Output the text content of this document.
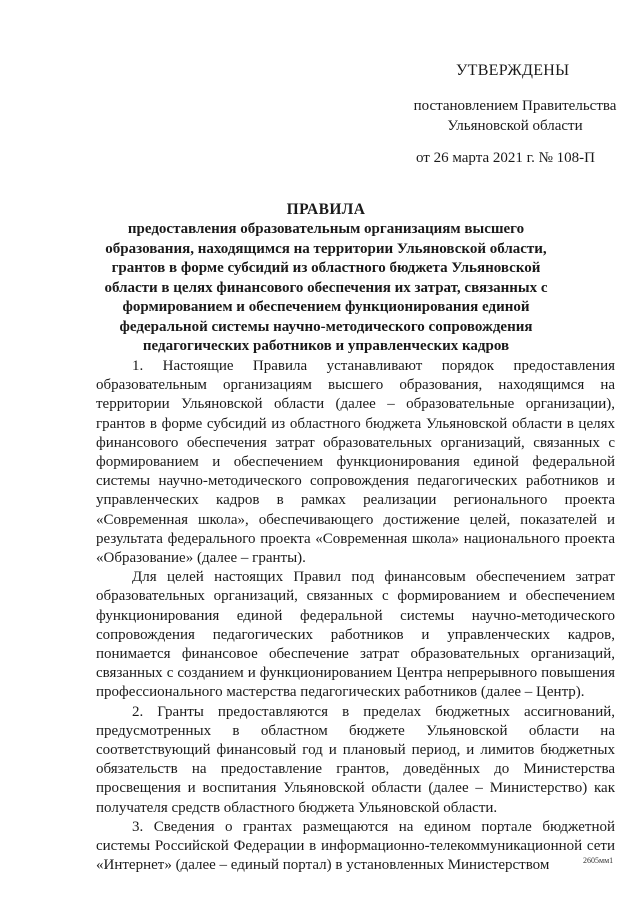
УТВЕРЖДЕНЫ
постановлением Правительства
Ульяновской области
от 26 марта 2021 г. № 108-П

ПРАВИЛА

предоставления образовательным организациям высшего образования, находящимся на территории Ульяновской области, грантов в форме субсидий из областного бюджета Ульяновской области в целях финансового обеспечения их затрат, связанных с формированием и обеспечением функционирования единой федеральной системы научно-методического сопровождения педагогических работников и управленческих кадров

1. Настоящие Правила устанавливают порядок предоставления образовательным организациям высшего образования, находящимся на территории Ульяновской области (далее – образовательные организации), грантов в форме субсидий из областного бюджета Ульяновской области в целях финансового обеспечения затрат образовательных организаций, связанных с формированием и обеспечением функционирования единой федеральной системы научно-методического сопровождения педагогических работников и управленческих кадров в рамках реализации регионального проекта «Современная школа», обеспечивающего достижение целей, показателей и результата федерального проекта «Современная школа» национального проекта «Образование» (далее – гранты).

Для целей настоящих Правил под финансовым обеспечением затрат образовательных организаций, связанных с формированием и обеспечением функционирования единой федеральной системы научно-методического сопровождения педагогических работников и управленческих кадров, понимается финансовое обеспечение затрат образовательных организаций, связанных с созданием и функционированием Центра непрерывного повышения профессионального мастерства педагогических работников (далее – Центр).

2. Гранты предоставляются в пределах бюджетных ассигнований, предусмотренных в областном бюджете Ульяновской области на соответствующий финансовый год и плановый период, и лимитов бюджетных обязательств на предоставление грантов, доведённых до Министерства просвещения и воспитания Ульяновской области (далее – Министерство) как получателя средств областного бюджета Ульяновской области.

3. Сведения о грантах размещаются на едином портале бюджетной системы Российской Федерации в информационно-телекоммуникационной сети «Интернет» (далее – единый портал) в установленных Министерством	2605мм1
